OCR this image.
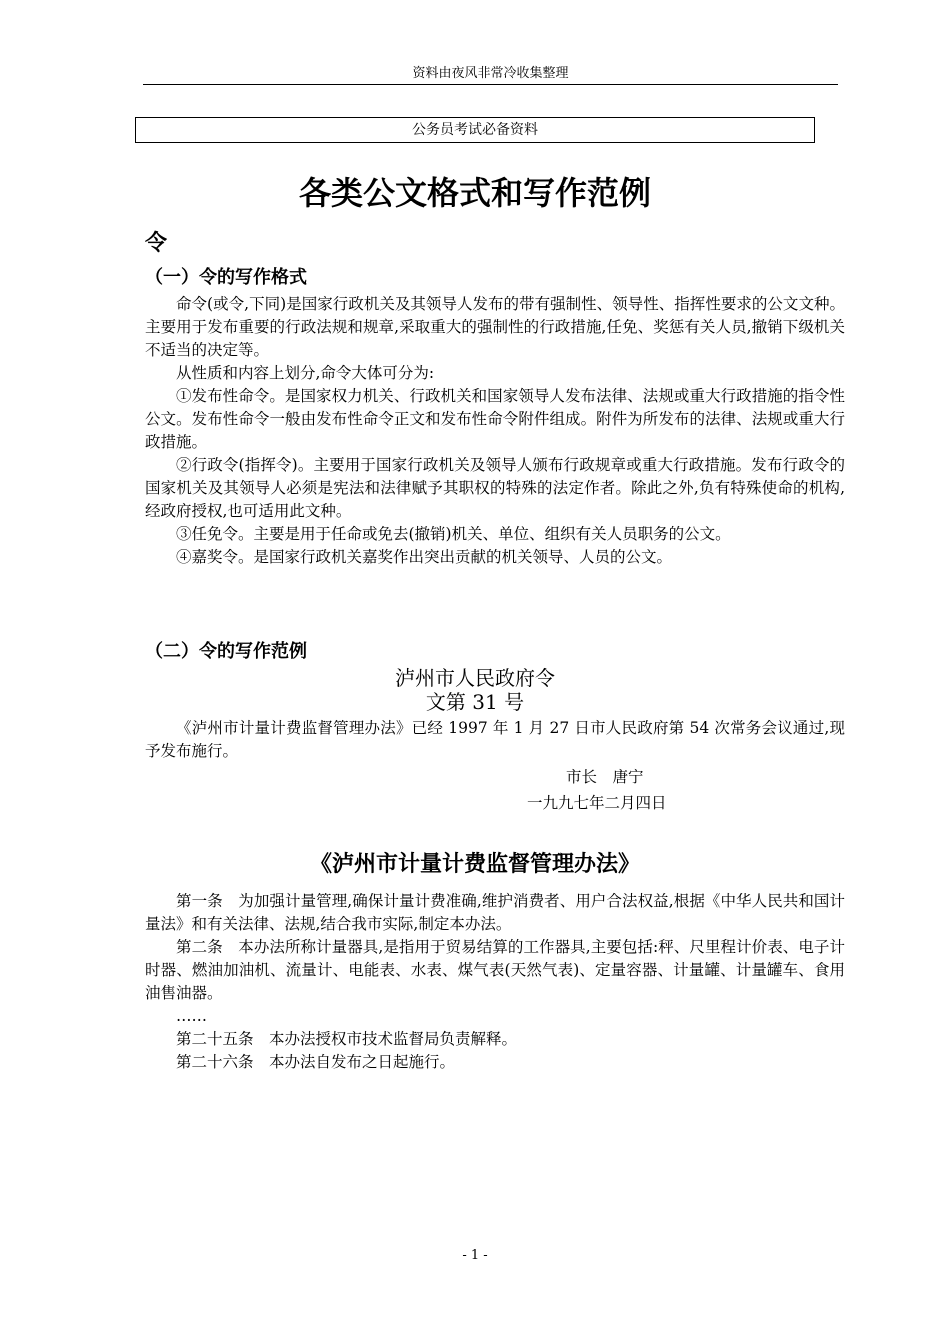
资料由夜风非常冷收集整理
公务员考试必备资料
各类公文格式和写作范例
令
（一）令的写作格式

命令(或令,下同)是国家行政机关及其领导人发布的带有强制性、领导性、指挥性要求的公文文种。主要用于发布重要的行政法规和规章,采取重大的强制性的行政措施,任免、奖惩有关人员,撤销下级机关不适当的决定等。

从性质和内容上划分,命令大体可分为:

①发布性命令。是国家权力机关、行政机关和国家领导人发布法律、法规或重大行政措施的指令性公文。发布性命令一般由发布性命令正文和发布性命令附件组成。附件为所发布的法律、法规或重大行政措施。

②行政令(指挥令)。主要用于国家行政机关及领导人颁布行政规章或重大行政措施。发布行政令的国家机关及其领导人必须是宪法和法律赋予其职权的特殊的法定作者。除此之外,负有特殊使命的机构,经政府授权,也可适用此文种。

③任免令。主要是用于任命或免去(撤销)机关、单位、组织有关人员职务的公文。

④嘉奖令。是国家行政机关嘉奖作出突出贡献的机关领导、人员的公文。

（二）令的写作范例
泸州市人民政府令
文第 31 号

《泸州市计量计费监督管理办法》已经 1997 年 1 月 27 日市人民政府第 54 次常务会议通过,现予发布施行。

市长　唐宁
一九九七年二月四日
《泸州市计量计费监督管理办法》

第一条　为加强计量管理,确保计量计费准确,维护消费者、用户合法权益,根据《中华人民共和国计量法》和有关法律、法规,结合我市实际,制定本办法。

第二条　本办法所称计量器具,是指用于贸易结算的工作器具,主要包括:秤、尺里程计价表、电子计时器、燃油加油机、流量计、电能表、水表、煤气表(天然气表)、定量容器、计量罐、计量罐车、食用油售油器。

……

第二十五条　本办法授权市技术监督局负责解释。

第二十六条　本办法自发布之日起施行。

- 1 -
